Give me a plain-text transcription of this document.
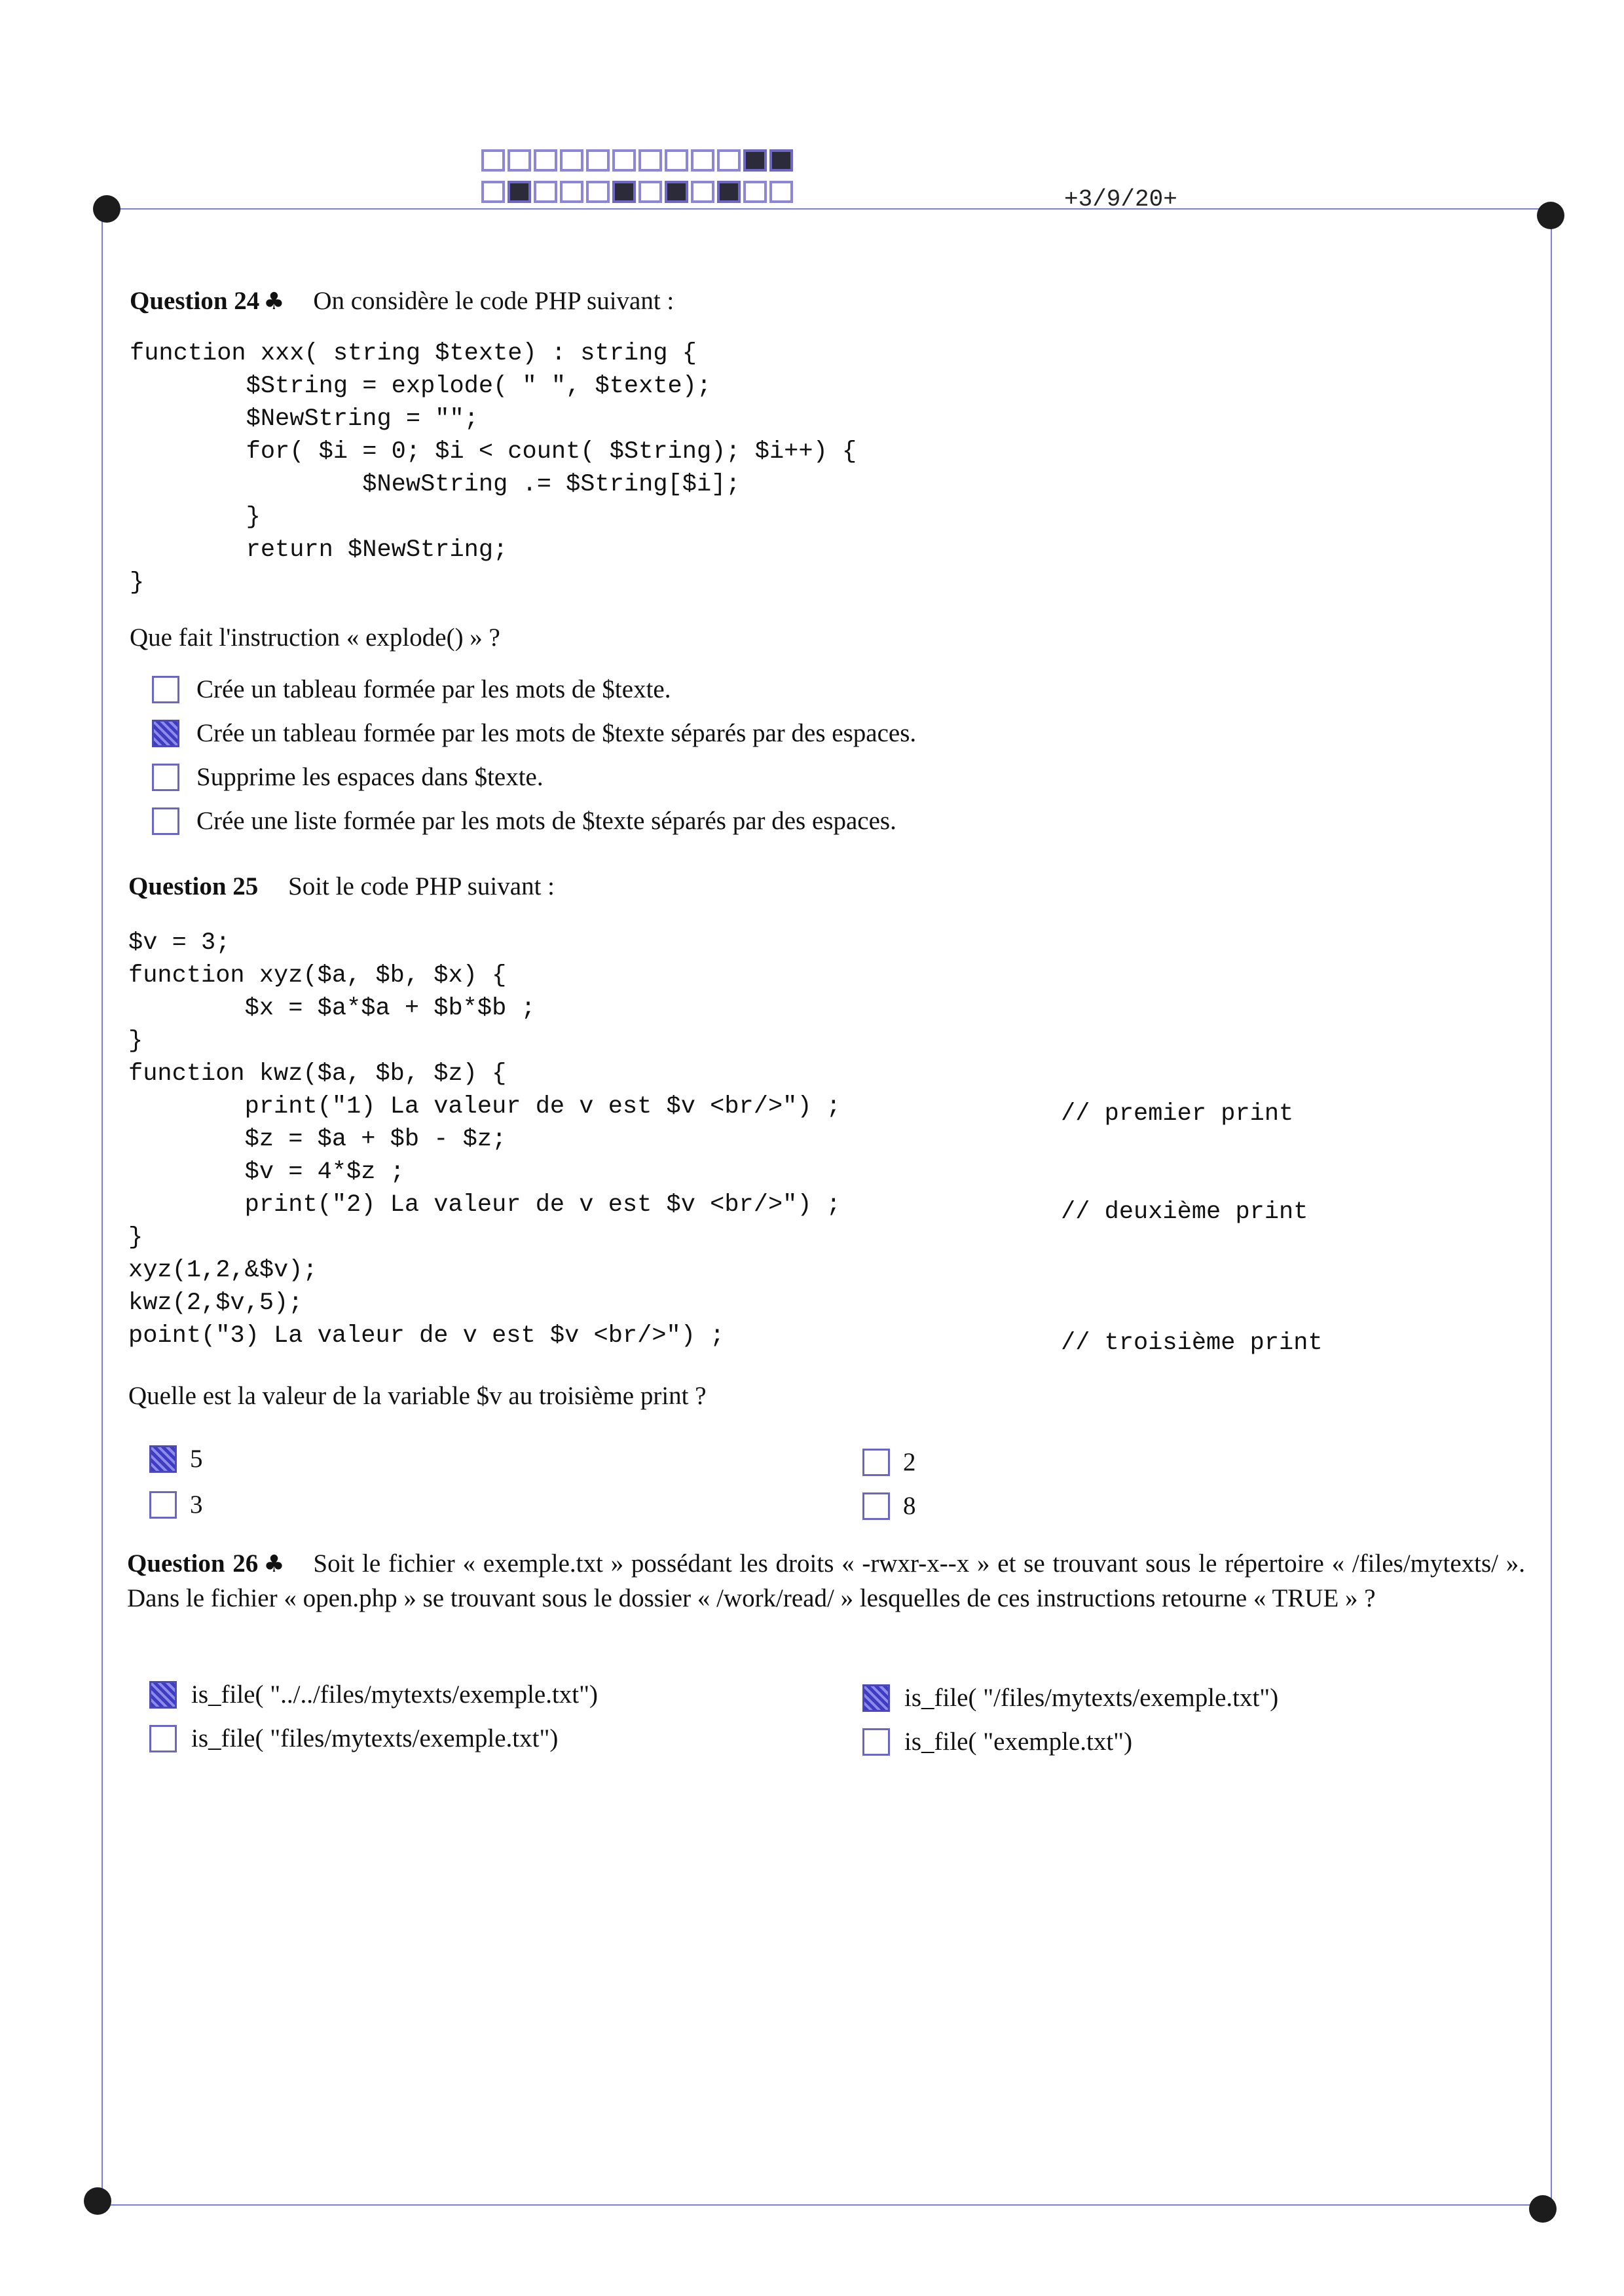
+3/9/20+
Question 24 ♣ On considère le code PHP suivant :
function xxx( string $texte) : string {
$String = explode( " ", $texte);
$NewString = "";
for( $i = 0; $i < count( $String); $i++) {
$NewString .= $String[$i];
}
return $NewString;
}
Que fait l'instruction « explode() » ?
Crée un tableau formée par les mots de $texte.
Crée un tableau formée par les mots de $texte séparés par des espaces.
Supprime les espaces dans $texte.
Crée une liste formée par les mots de $texte séparés par des espaces.
Question 25 Soit le code PHP suivant :
$v = 3;
function xyz($a, $b, $x) {
$x = $a*$a + $b*$b ;
}
function kwz($a, $b, $z) {
print("1) La valeur de v est $v <br/>") ;
$z = $a + $b - $z;
$v = 4*$z ;
print("2) La valeur de v est $v <br/>") ;
}
xyz(1,2,&$v);
kwz(2,$v,5);
point("3) La valeur de v est $v <br/>") ;
// premier print
// deuxième print
// troisième print
Quelle est la valeur de la variable $v au troisième print ?
5	2
3	8
Question 26 ♣ Soit le fichier « exemple.txt » possédant les droits « -rwxr-x--x » et se trouvant sous le répertoire « /files/mytexts/ ». Dans le fichier « open.php » se trouvant sous le dossier « /work/read/ » lesquelles de ces instructions retourne « TRUE » ?
is_file( "../../files/mytexts/exemple.txt")	is_file( "/files/mytexts/exemple.txt")
is_file( "files/mytexts/exemple.txt")	is_file( "exemple.txt")
